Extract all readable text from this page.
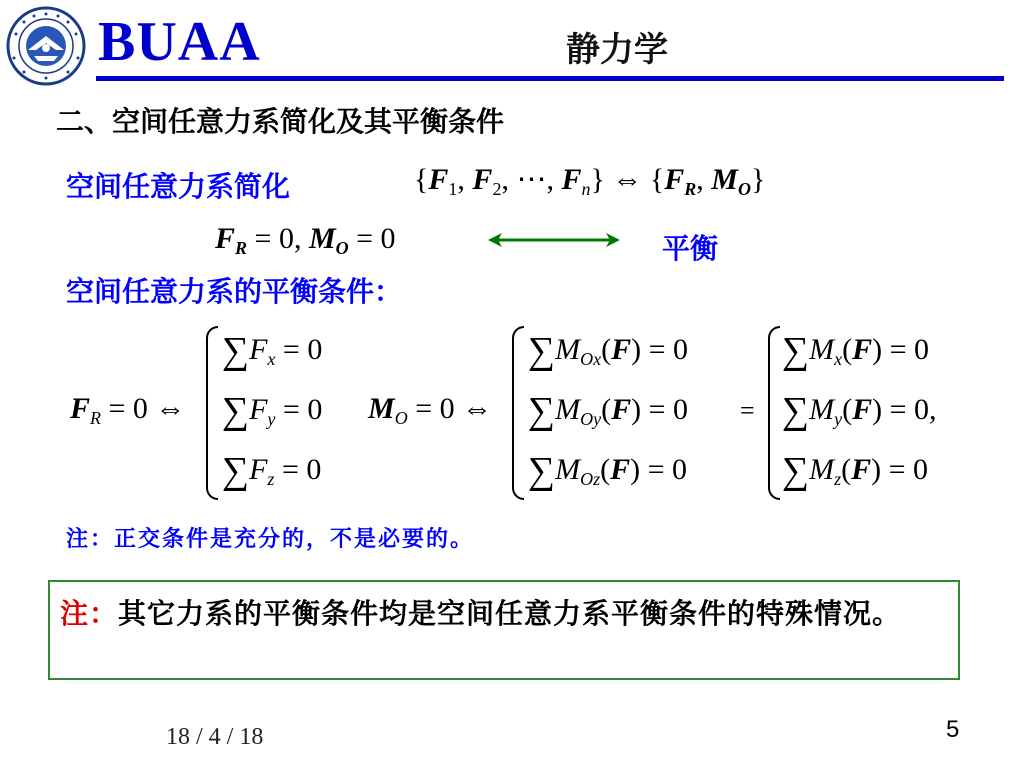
BUAA	静力学
二、空间任意力系简化及其平衡条件
空间任意力系简化	{$F_1$, $F_2$, ⋯, $F_n$} ⇔ {$F_R$, $M_O$}
$F_R = 0$, $M_O = 0$	平衡
空间任意力系的平衡条件：
$F_R = 0$ ⇔
$\sum F_x = 0$
$\sum F_y = 0$
$\sum F_z = 0$
$M_O = 0$ ⇔
$\sum M_{Ox}(F) = 0$
$\sum M_{Oy}(F) = 0$
$\sum M_{Oz}(F) = 0$
=
$\sum M_x(F) = 0$
$\sum M_y(F) = 0$,
$\sum M_z(F) = 0$
注：正交条件是充分的，不是必要的。
注：其它力系的平衡条件均是空间任意力系平衡条件的特殊情况。
18 / 4 / 18	5
